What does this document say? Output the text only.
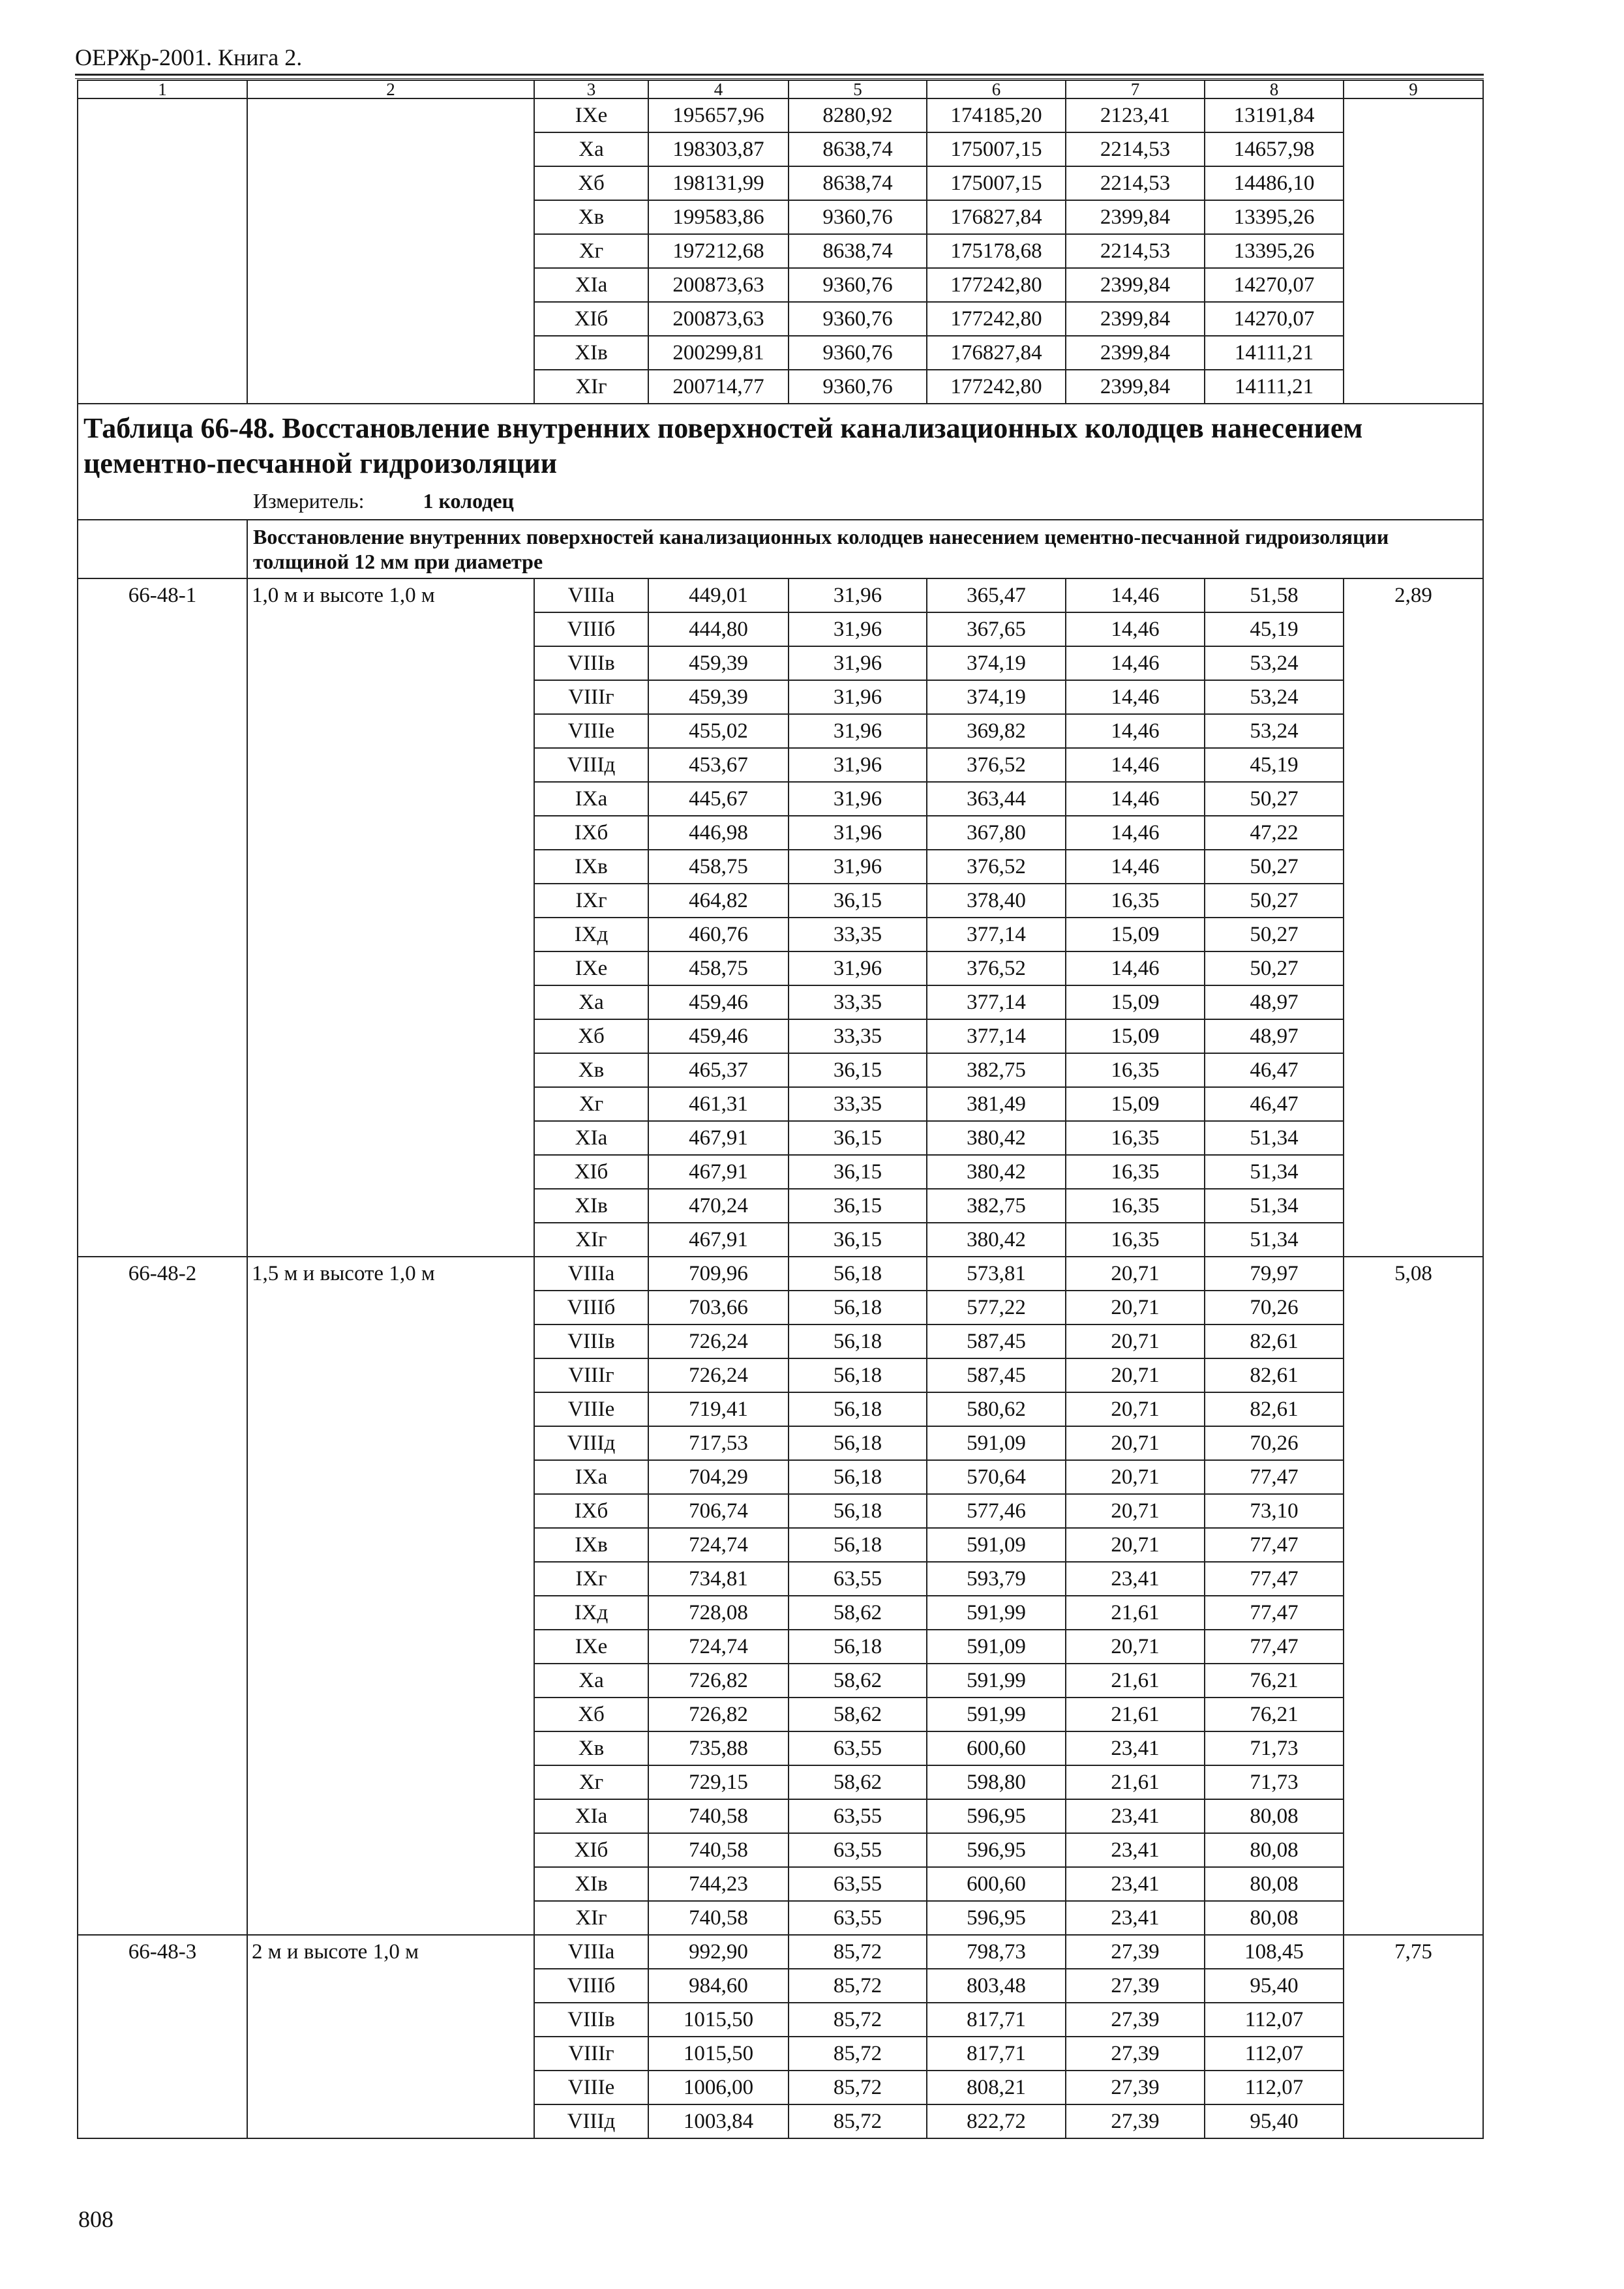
ОЕРЖр-2001. Книга 2.
1	2	3	4	5	6	7	8	9
		IXе	195657,96	8280,92	174185,20	2123,41	13191,84	
		Xа	198303,87	8638,74	175007,15	2214,53	14657,98	
		Xб	198131,99	8638,74	175007,15	2214,53	14486,10	
		Xв	199583,86	9360,76	176827,84	2399,84	13395,26	
		Xг	197212,68	8638,74	175178,68	2214,53	13395,26	
		XIа	200873,63	9360,76	177242,80	2399,84	14270,07	
		XIб	200873,63	9360,76	177242,80	2399,84	14270,07	
		XIв	200299,81	9360,76	176827,84	2399,84	14111,21	
		XIг	200714,77	9360,76	177242,80	2399,84	14111,21	

Таблица 66-48. Восстановление внутренних поверхностей канализационных колодцев нанесением цементно-песчанной гидроизоляции
Измеритель: 1 колодец								

	Восстановление внутренних поверхностей канализационных колодцев нанесением цементно-песчанной гидроизоляции толщиной 12 мм при диаметре							
66-48-1	1,0 м и высоте 1,0 м	VIIIа	449,01	31,96	365,47	14,46	51,58	2,89
		VIIIб	444,80	31,96	367,65	14,46	45,19	
		VIIIв	459,39	31,96	374,19	14,46	53,24	
		VIIIг	459,39	31,96	374,19	14,46	53,24	
		VIIIе	455,02	31,96	369,82	14,46	53,24	
		VIIIд	453,67	31,96	376,52	14,46	45,19	
		IXа	445,67	31,96	363,44	14,46	50,27	
		IXб	446,98	31,96	367,80	14,46	47,22	
		IXв	458,75	31,96	376,52	14,46	50,27	
		IXг	464,82	36,15	378,40	16,35	50,27	
		IXд	460,76	33,35	377,14	15,09	50,27	
		IXе	458,75	31,96	376,52	14,46	50,27	
		Xа	459,46	33,35	377,14	15,09	48,97	
		Xб	459,46	33,35	377,14	15,09	48,97	
		Xв	465,37	36,15	382,75	16,35	46,47	
		Xг	461,31	33,35	381,49	15,09	46,47	
		XIа	467,91	36,15	380,42	16,35	51,34	
		XIб	467,91	36,15	380,42	16,35	51,34	
		XIв	470,24	36,15	382,75	16,35	51,34	
		XIг	467,91	36,15	380,42	16,35	51,34	
66-48-2	1,5 м и высоте 1,0 м	VIIIа	709,96	56,18	573,81	20,71	79,97	5,08
		VIIIб	703,66	56,18	577,22	20,71	70,26	
		VIIIв	726,24	56,18	587,45	20,71	82,61	
		VIIIг	726,24	56,18	587,45	20,71	82,61	
		VIIIе	719,41	56,18	580,62	20,71	82,61	
		VIIIд	717,53	56,18	591,09	20,71	70,26	
		IXа	704,29	56,18	570,64	20,71	77,47	
		IXб	706,74	56,18	577,46	20,71	73,10	
		IXв	724,74	56,18	591,09	20,71	77,47	
		IXг	734,81	63,55	593,79	23,41	77,47	
		IXд	728,08	58,62	591,99	21,61	77,47	
		IXе	724,74	56,18	591,09	20,71	77,47	
		Xа	726,82	58,62	591,99	21,61	76,21	
		Xб	726,82	58,62	591,99	21,61	76,21	
		Xв	735,88	63,55	600,60	23,41	71,73	
		Xг	729,15	58,62	598,80	21,61	71,73	
		XIа	740,58	63,55	596,95	23,41	80,08	
		XIб	740,58	63,55	596,95	23,41	80,08	
		XIв	744,23	63,55	600,60	23,41	80,08	
		XIг	740,58	63,55	596,95	23,41	80,08	
66-48-3	2 м и высоте 1,0 м	VIIIа	992,90	85,72	798,73	27,39	108,45	7,75
		VIIIб	984,60	85,72	803,48	27,39	95,40	
		VIIIв	1015,50	85,72	817,71	27,39	112,07	
		VIIIг	1015,50	85,72	817,71	27,39	112,07	
		VIIIе	1006,00	85,72	808,21	27,39	112,07	
		VIIIд	1003,84	85,72	822,72	27,39	95,40	
808
